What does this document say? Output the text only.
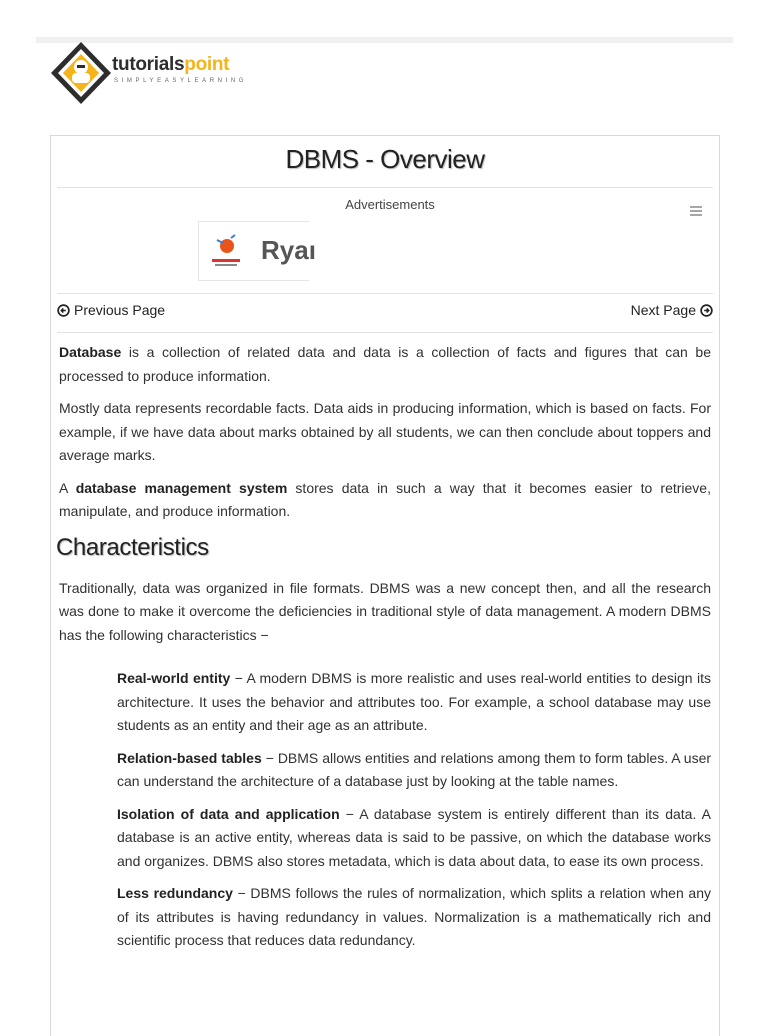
tutorialspoint
SIMPLYEASYLEARNING
DBMS - Overview
Advertisements
Ryaı
Previous Page	Next Page

Database is a collection of related data and data is a collection of facts and figures that can be processed to produce information.

Mostly data represents recordable facts. Data aids in producing information, which is based on facts. For example, if we have data about marks obtained by all students, we can then conclude about toppers and average marks.

A database management system stores data in such a way that it becomes easier to retrieve, manipulate, and produce information.

Characteristics

Traditionally, data was organized in file formats. DBMS was a new concept then, and all the research was done to make it overcome the deficiencies in traditional style of data management. A modern DBMS has the following characteristics −

Real-world entity − A modern DBMS is more realistic and uses real-world entities to design its architecture. It uses the behavior and attributes too. For example, a school database may use students as an entity and their age as an attribute.

Relation-based tables − DBMS allows entities and relations among them to form tables. A user can understand the architecture of a database just by looking at the table names.

Isolation of data and application − A database system is entirely different than its data. A database is an active entity, whereas data is said to be passive, on which the database works and organizes. DBMS also stores metadata, which is data about data, to ease its own process.

Less redundancy − DBMS follows the rules of normalization, which splits a relation when any of its attributes is having redundancy in values. Normalization is a mathematically rich and scientific process that reduces data redundancy.
